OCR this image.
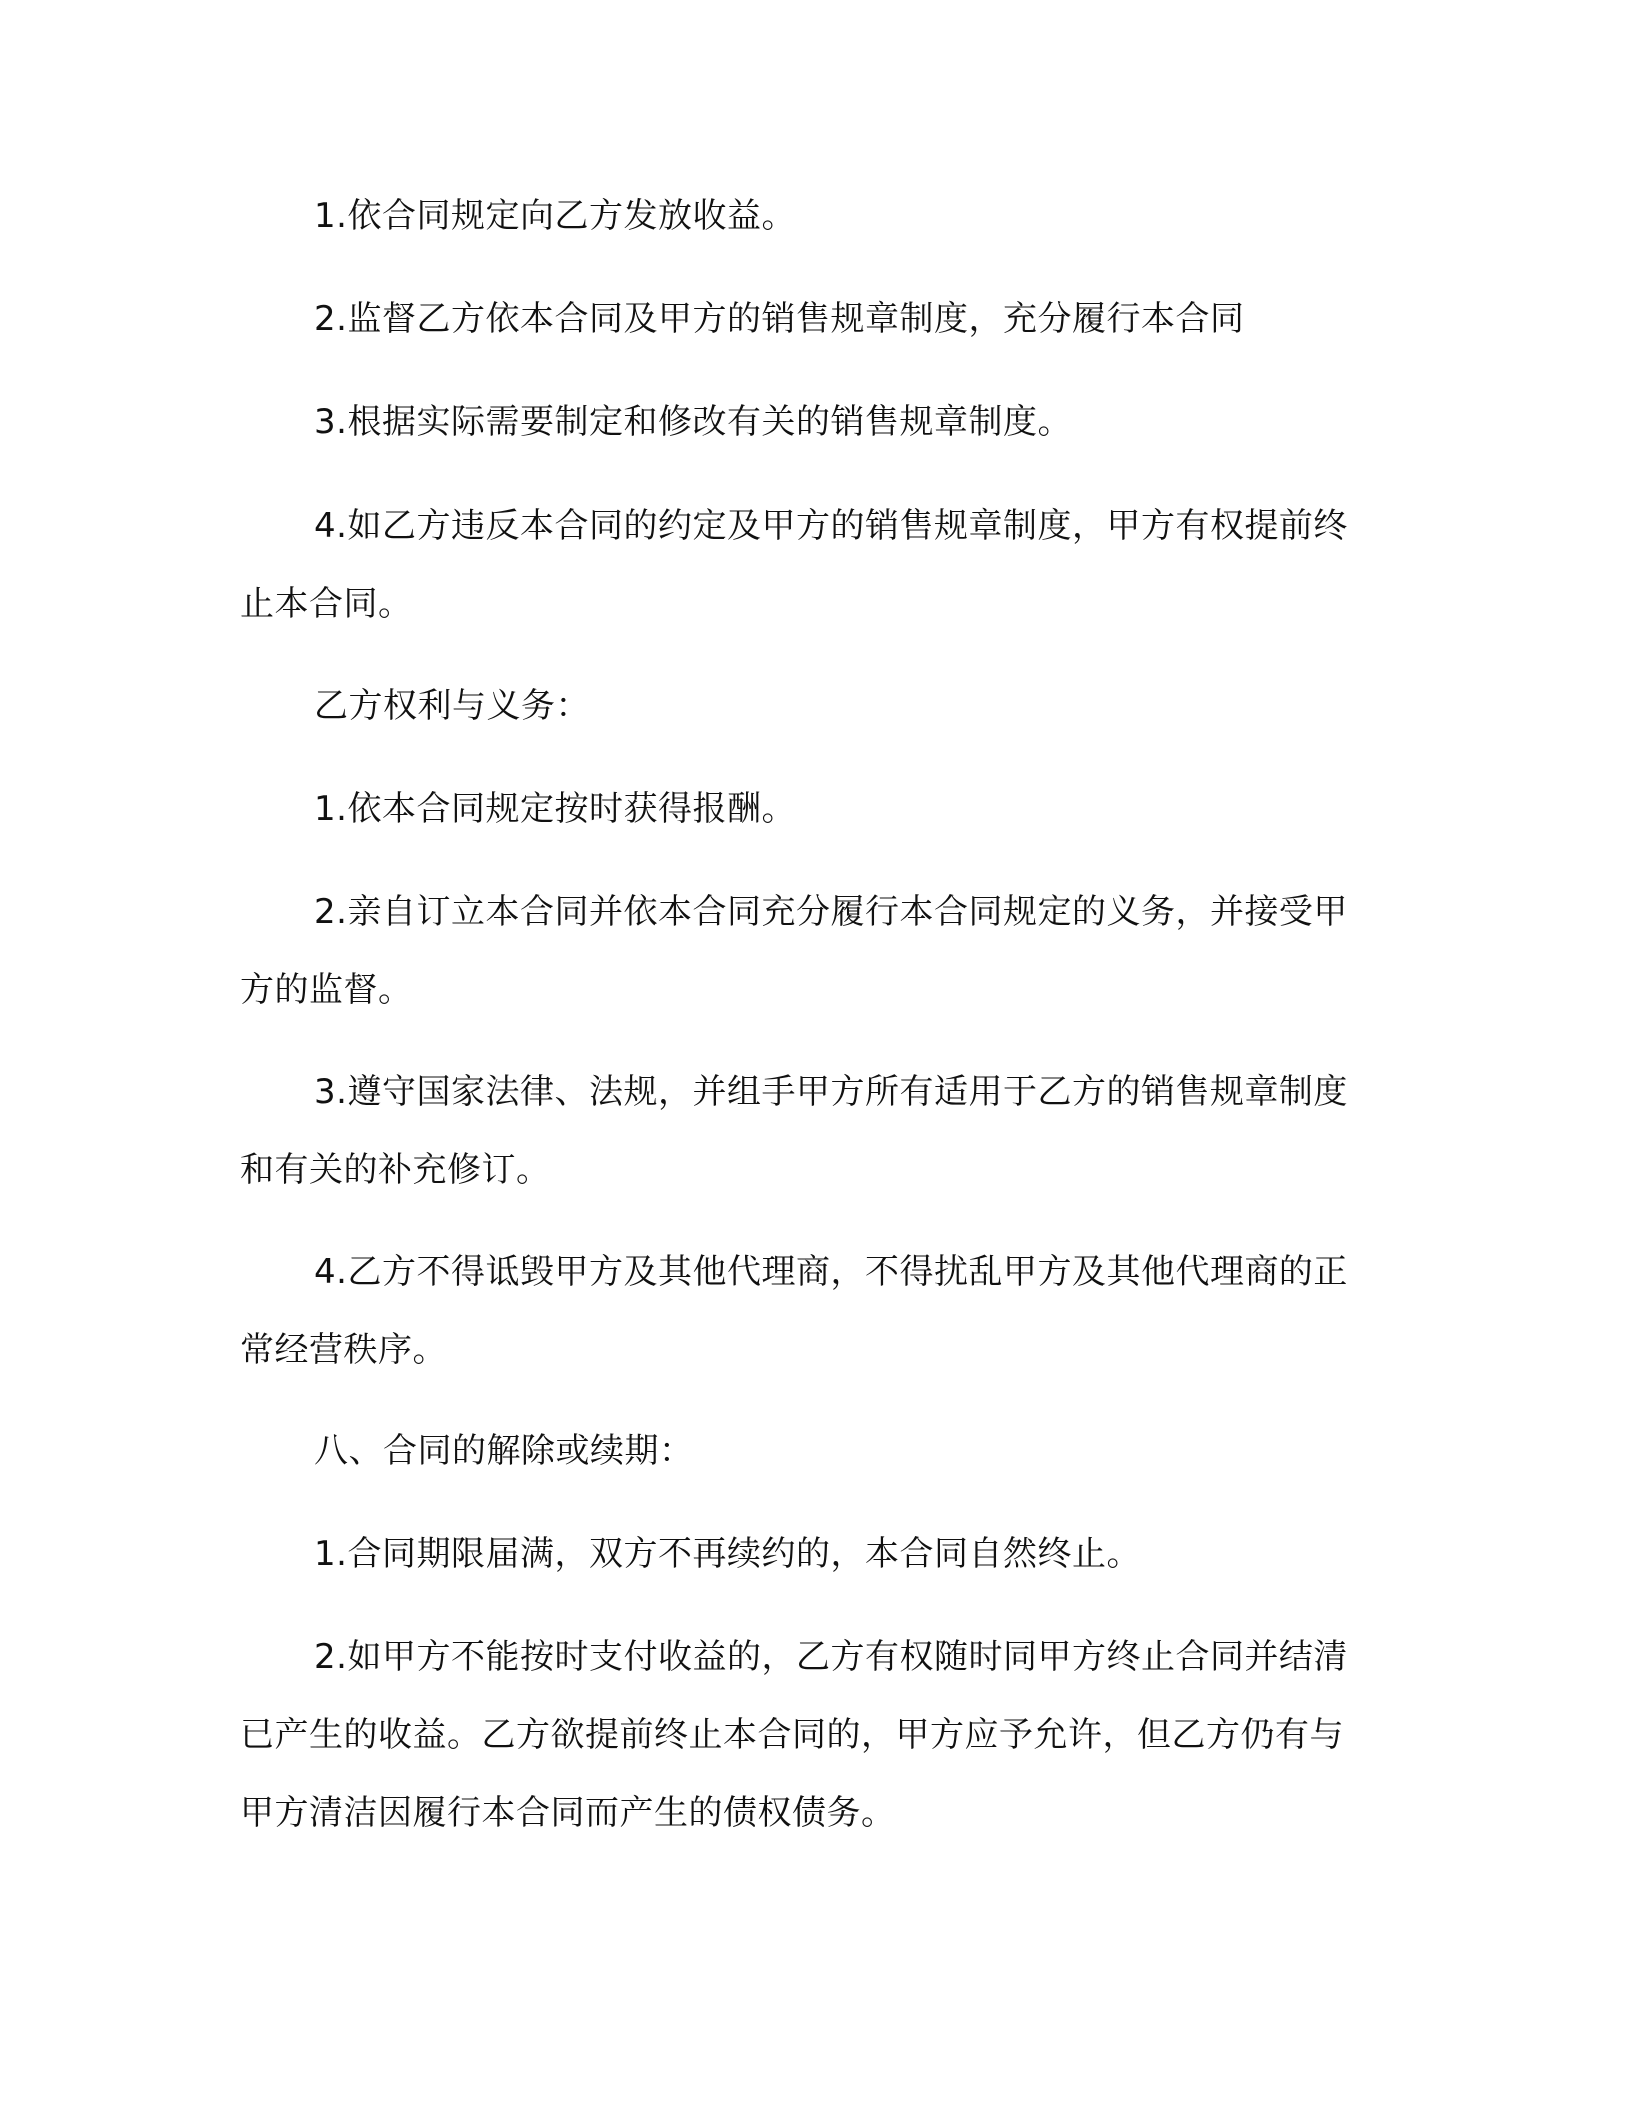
1.依合同规定向乙方发放收益。

2.监督乙方依本合同及甲方的销售规章制度，充分履行本合同

3.根据实际需要制定和修改有关的销售规章制度。

4.如乙方违反本合同的约定及甲方的销售规章制度，甲方有权提前终止本合同。

乙方权利与义务：

1.依本合同规定按时获得报酬。

2.亲自订立本合同并依本合同充分履行本合同规定的义务，并接受甲方的监督。

3.遵守国家法律、法规，并组手甲方所有适用于乙方的销售规章制度和有关的补充修订。

4.乙方不得诋毁甲方及其他代理商，不得扰乱甲方及其他代理商的正常经营秩序。

八、合同的解除或续期：

1.合同期限届满，双方不再续约的，本合同自然终止。

2.如甲方不能按时支付收益的，乙方有权随时同甲方终止合同并结清已产生的收益。乙方欲提前终止本合同的，甲方应予允许，但乙方仍有与甲方清洁因履行本合同而产生的债权债务。
